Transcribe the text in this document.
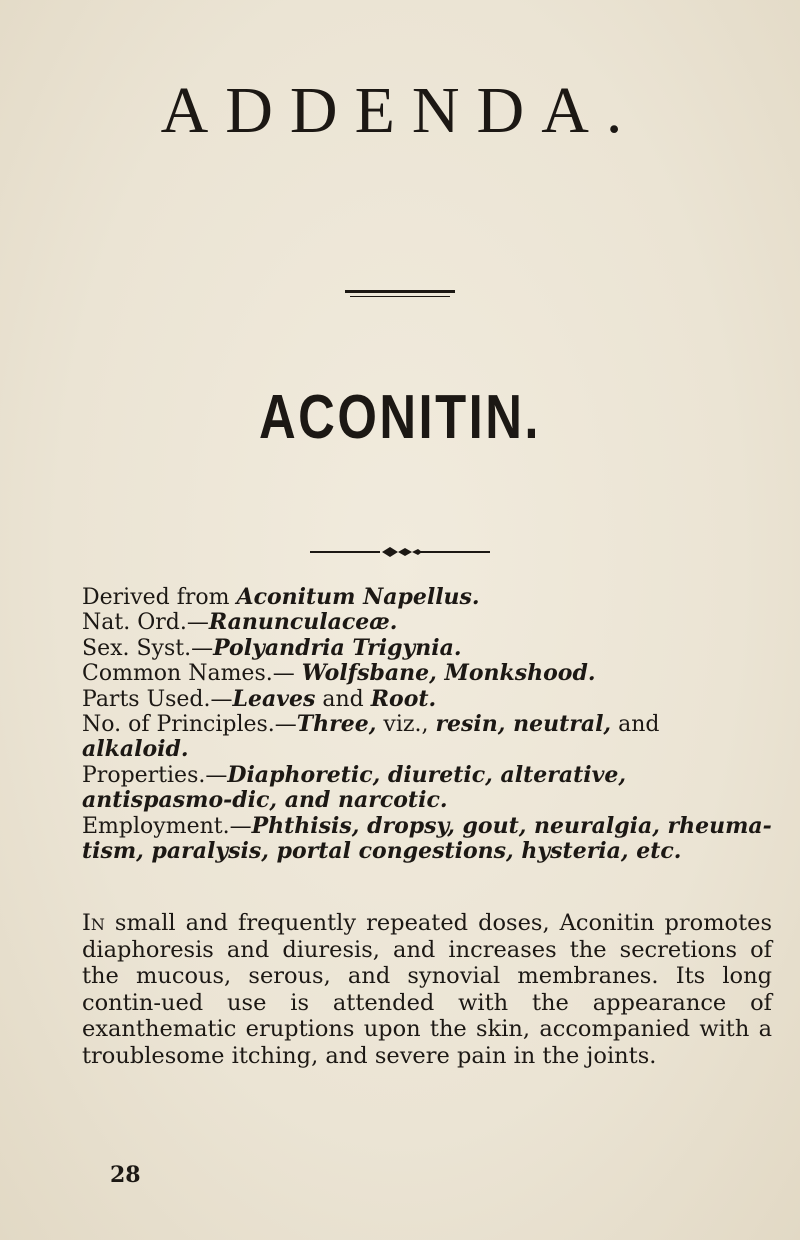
ADDENDA.
ACONITIN.

Derived from Aconitum Napellus.

Nat. Ord.—Ranunculaceæ.

Sex. Syst.—Polyandria Trigynia.

Common Names.— Wolfsbane, Monkshood.

Parts Used.—Leaves and Root.

No. of Principles.—Three, viz., resin, neutral, and alkaloid.

Properties.—Diaphoretic, diuretic, alterative, antispasmo-dic, and narcotic.

Employment.—Phthisis, dropsy, gout, neuralgia, rheuma-tism, paralysis, portal congestions, hysteria, etc.

In small and frequently repeated doses, Aconitin promotes diaphoresis and diuresis, and increases the secretions of the mucous, serous, and synovial membranes. Its long contin-ued use is attended with the appearance of exanthematic eruptions upon the skin, accompanied with a troublesome itching, and severe pain in the joints.
28
